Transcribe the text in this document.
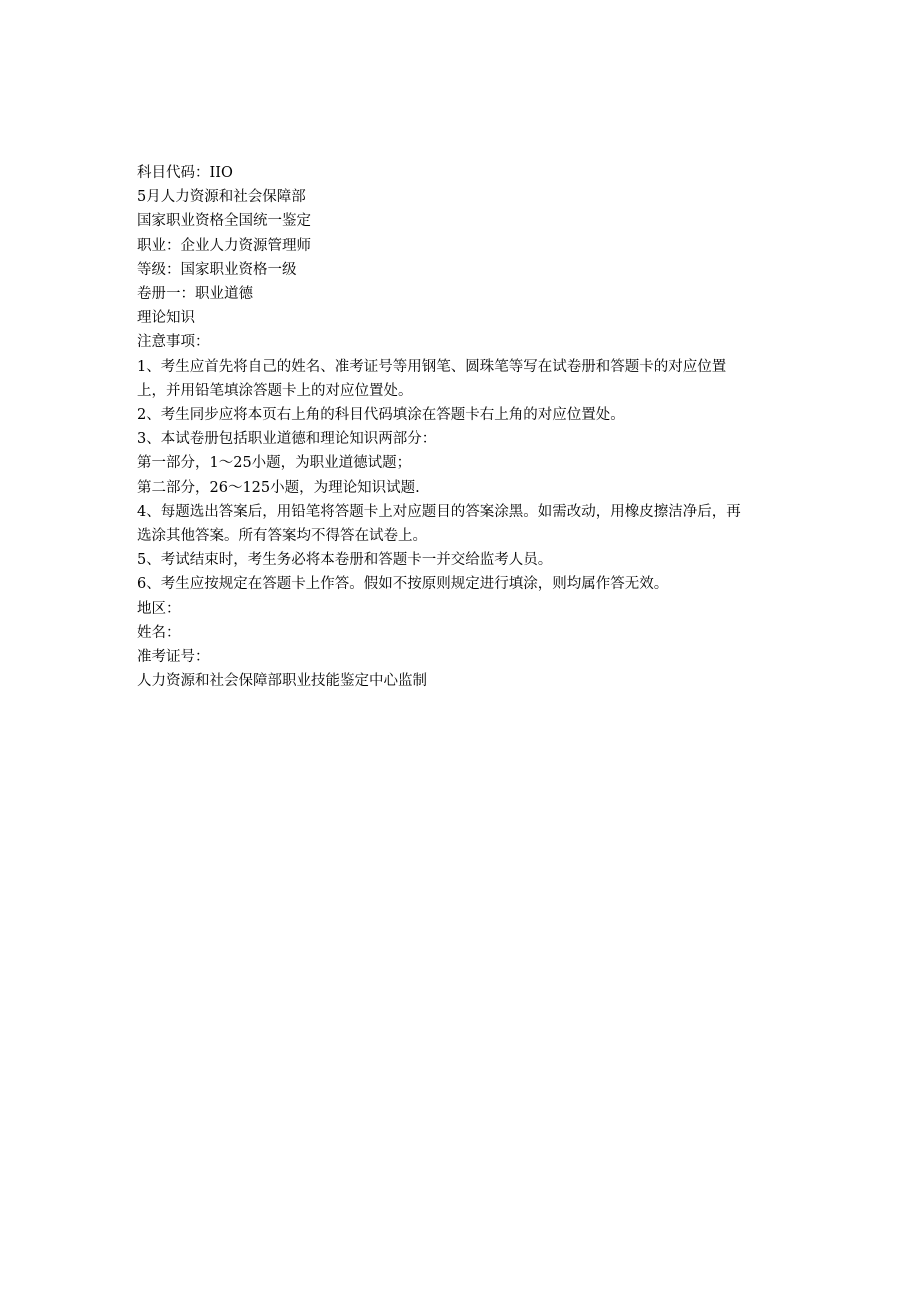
科目代码：IIO

5月人力资源和社会保障部

国家职业资格全国统一鉴定

职业：企业人力资源管理师

等级：国家职业资格一级

卷册一：职业道德

理论知识

注意事项：

1、考生应首先将自己的姓名、准考证号等用钢笔、圆珠笔等写在试卷册和答题卡的对应位置

上，并用铅笔填涂答题卡上的对应位置处。

2、考生同步应将本页右上角的科目代码填涂在答题卡右上角的对应位置处。

3、本试卷册包括职业道德和理论知识两部分：

第一部分，1〜25小题，为职业道德试题；

第二部分，26〜125小题，为理论知识试题.

4、每题选出答案后，用铅笔将答题卡上对应题目的答案涂黑。如需改动，用橡皮擦洁净后，再

选涂其他答案。所有答案均不得答在试卷上。

5、考试结束时，考生务必将本卷册和答题卡一并交给监考人员。

6、考生应按规定在答题卡上作答。假如不按原则规定进行填涂，则均属作答无效。

地区：

姓名：

准考证号：

人力资源和社会保障部职业技能鉴定中心监制
